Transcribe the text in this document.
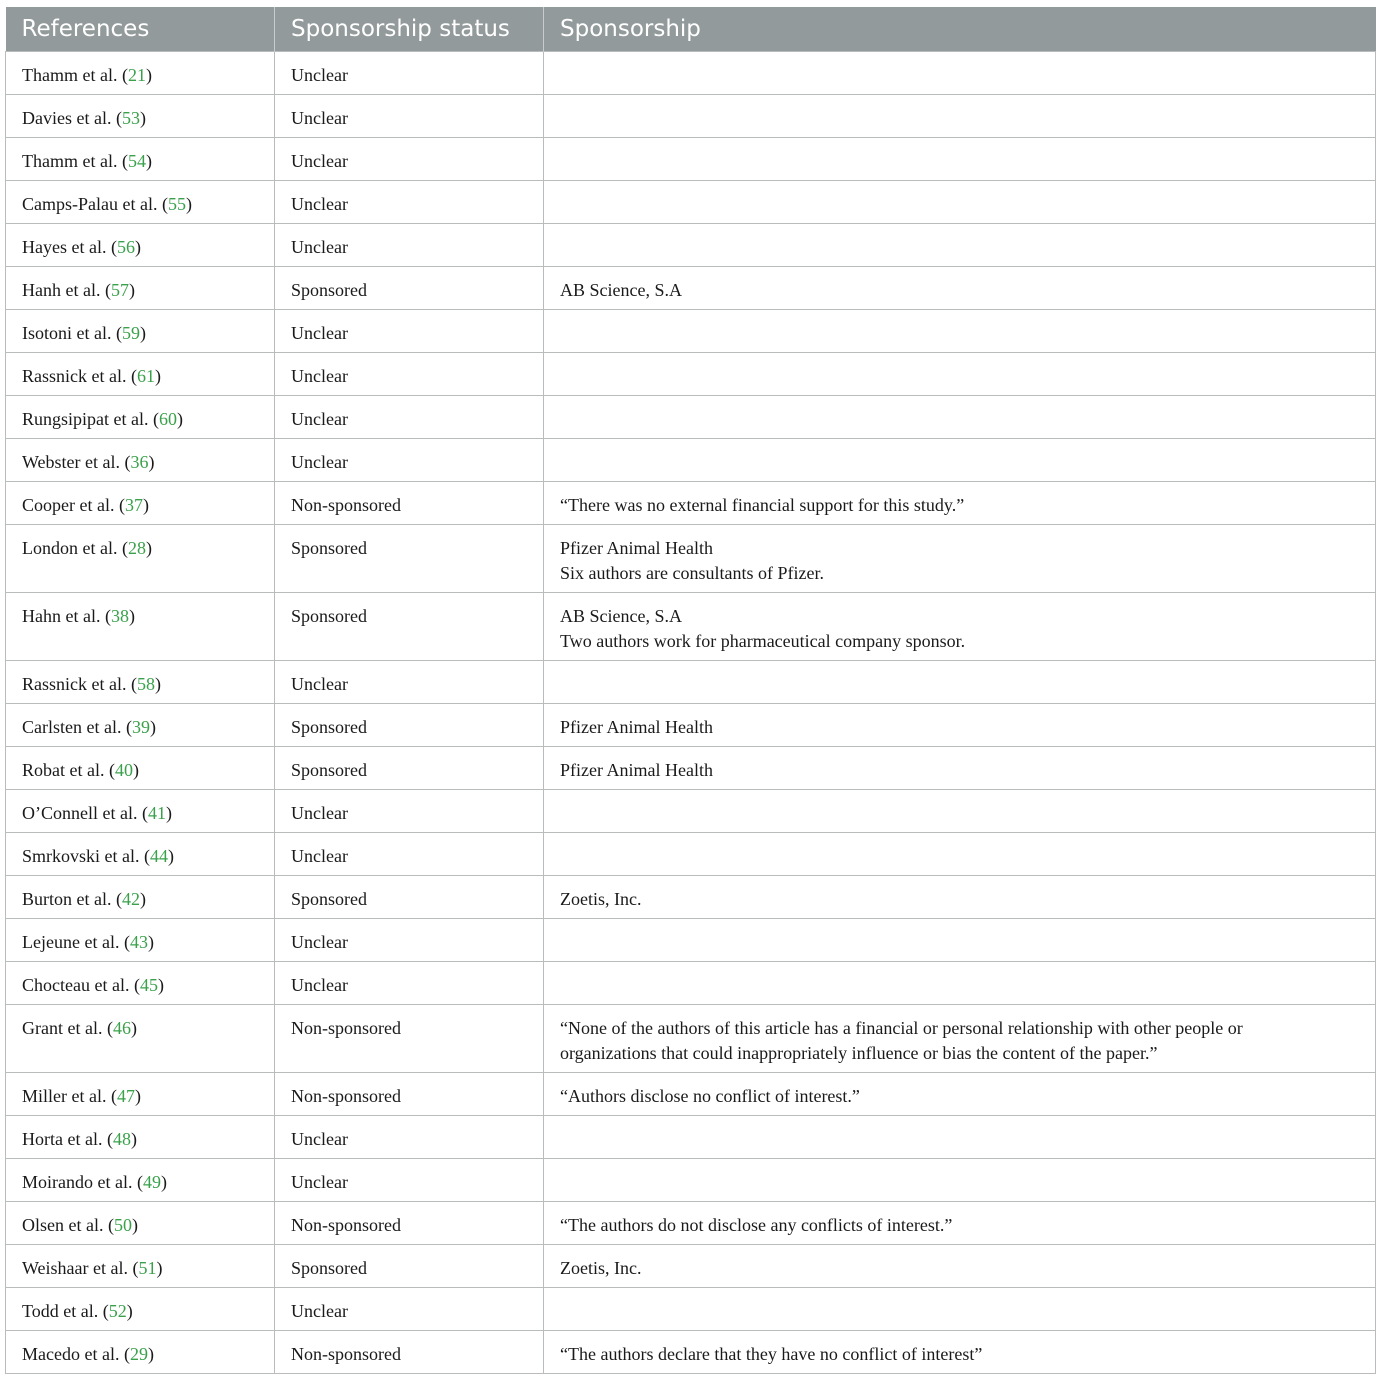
References	Sponsorship status	Sponsorship
Thamm et al. (21)	Unclear	
Davies et al. (53)	Unclear	
Thamm et al. (54)	Unclear	
Camps-Palau et al. (55)	Unclear	
Hayes et al. (56)	Unclear	
Hanh et al. (57)	Sponsored	AB Science, S.A

Isotoni et al. (59)	Unclear	
Rassnick et al. (61)	Unclear	
Rungsipipat et al. (60)	Unclear	
Webster et al. (36)	Unclear	
Cooper et al. (37)	Non-sponsored	“There was no external financial support for this study.”

London et al. (28)	Sponsored	Pfizer Animal Health
Six authors are consultants of Pfizer.

Hahn et al. (38)	Sponsored	AB Science, S.A
Two authors work for pharmaceutical company sponsor.

Rassnick et al. (58)	Unclear	
Carlsten et al. (39)	Sponsored	Pfizer Animal Health

Robat et al. (40)	Sponsored	Pfizer Animal Health

O’Connell et al. (41)	Unclear	
Smrkovski et al. (44)	Unclear	
Burton et al. (42)	Sponsored	Zoetis, Inc.

Lejeune et al. (43)	Unclear	
Chocteau et al. (45)	Unclear	
Grant et al. (46)	Non-sponsored	“None of the authors of this article has a financial or personal relationship with other people or
organizations that could inappropriately influence or bias the content of the paper.”

Miller et al. (47)	Non-sponsored	“Authors disclose no conflict of interest.”

Horta et al. (48)	Unclear	
Moirando et al. (49)	Unclear	
Olsen et al. (50)	Non-sponsored	“The authors do not disclose any conflicts of interest.”

Weishaar et al. (51)	Sponsored	Zoetis, Inc.

Todd et al. (52)	Unclear	
Macedo et al. (29)	Non-sponsored	“The authors declare that they have no conflict of interest”
